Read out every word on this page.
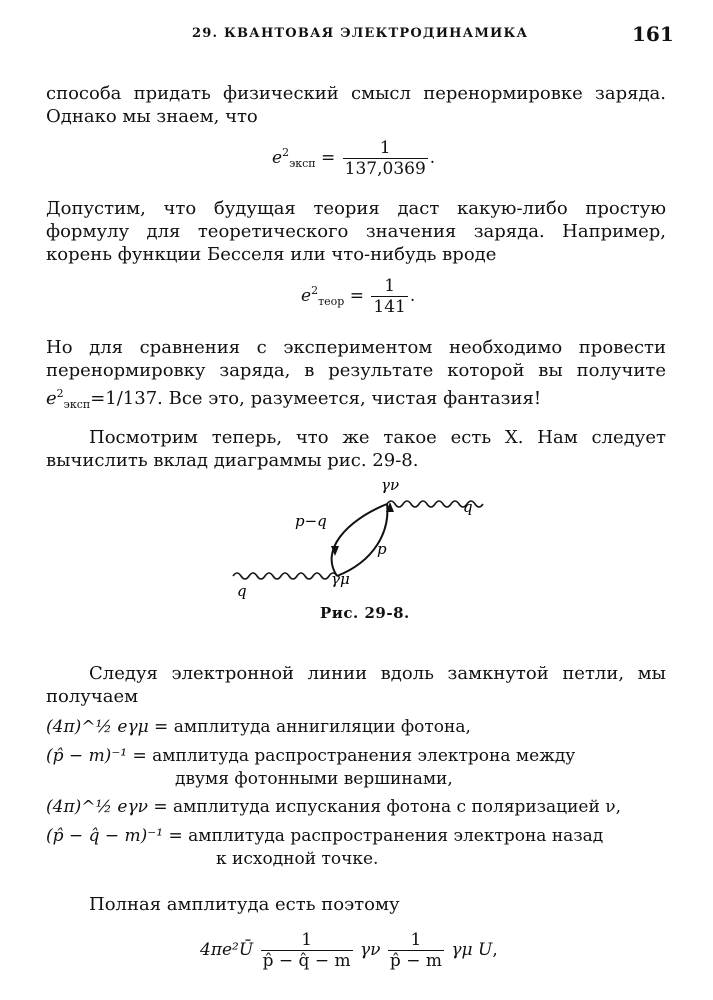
29. КВАНТОВАЯ ЭЛЕКТРОДИНАМИКА	161
способа придать физический смысл перенормировке заряда. Однако мы знаем, что
$e^2_{эксп} = \frac{1}{137,0369}$ .
Допустим, что будущая теория даст какую-либо простую формулу для теоретического значения заряда. Например, корень функции Бесселя или что-нибудь вроде
$e^2_{теор} = \frac{1}{141}$ .
Но для сравнения с экспериментом необходимо провести перенормировку заряда, в результате которой вы получите $e^2_{эксп}=1/137$. Все это, разумеется, чистая фантазия!
Посмотрим теперь, что же такое есть X. Нам следует вычислить вклад диаграммы рис. 29-8.
q
q
p−q
p
γμ
γν
Рис. 29-8.
Следуя электронной линии вдоль замкнутой петли, мы получаем
(4π)^½ eγμ = амплитуда аннигиляции фотона,
(p̂ − m)⁻¹ = амплитуда распространения электрона между
двумя фотонными вершинами,
(4π)^½ eγν = амплитуда испускания фотона с поляризацией ν,
(p̂ − q̂ − m)⁻¹ = амплитуда распространения электрона назад
к исходной точке.
Полная амплитуда есть поэтому
4πe²Ū $\frac{1}{p̂ - q̂ - m}$ γν $\frac{1}{p̂ - m}$ γμ U,
